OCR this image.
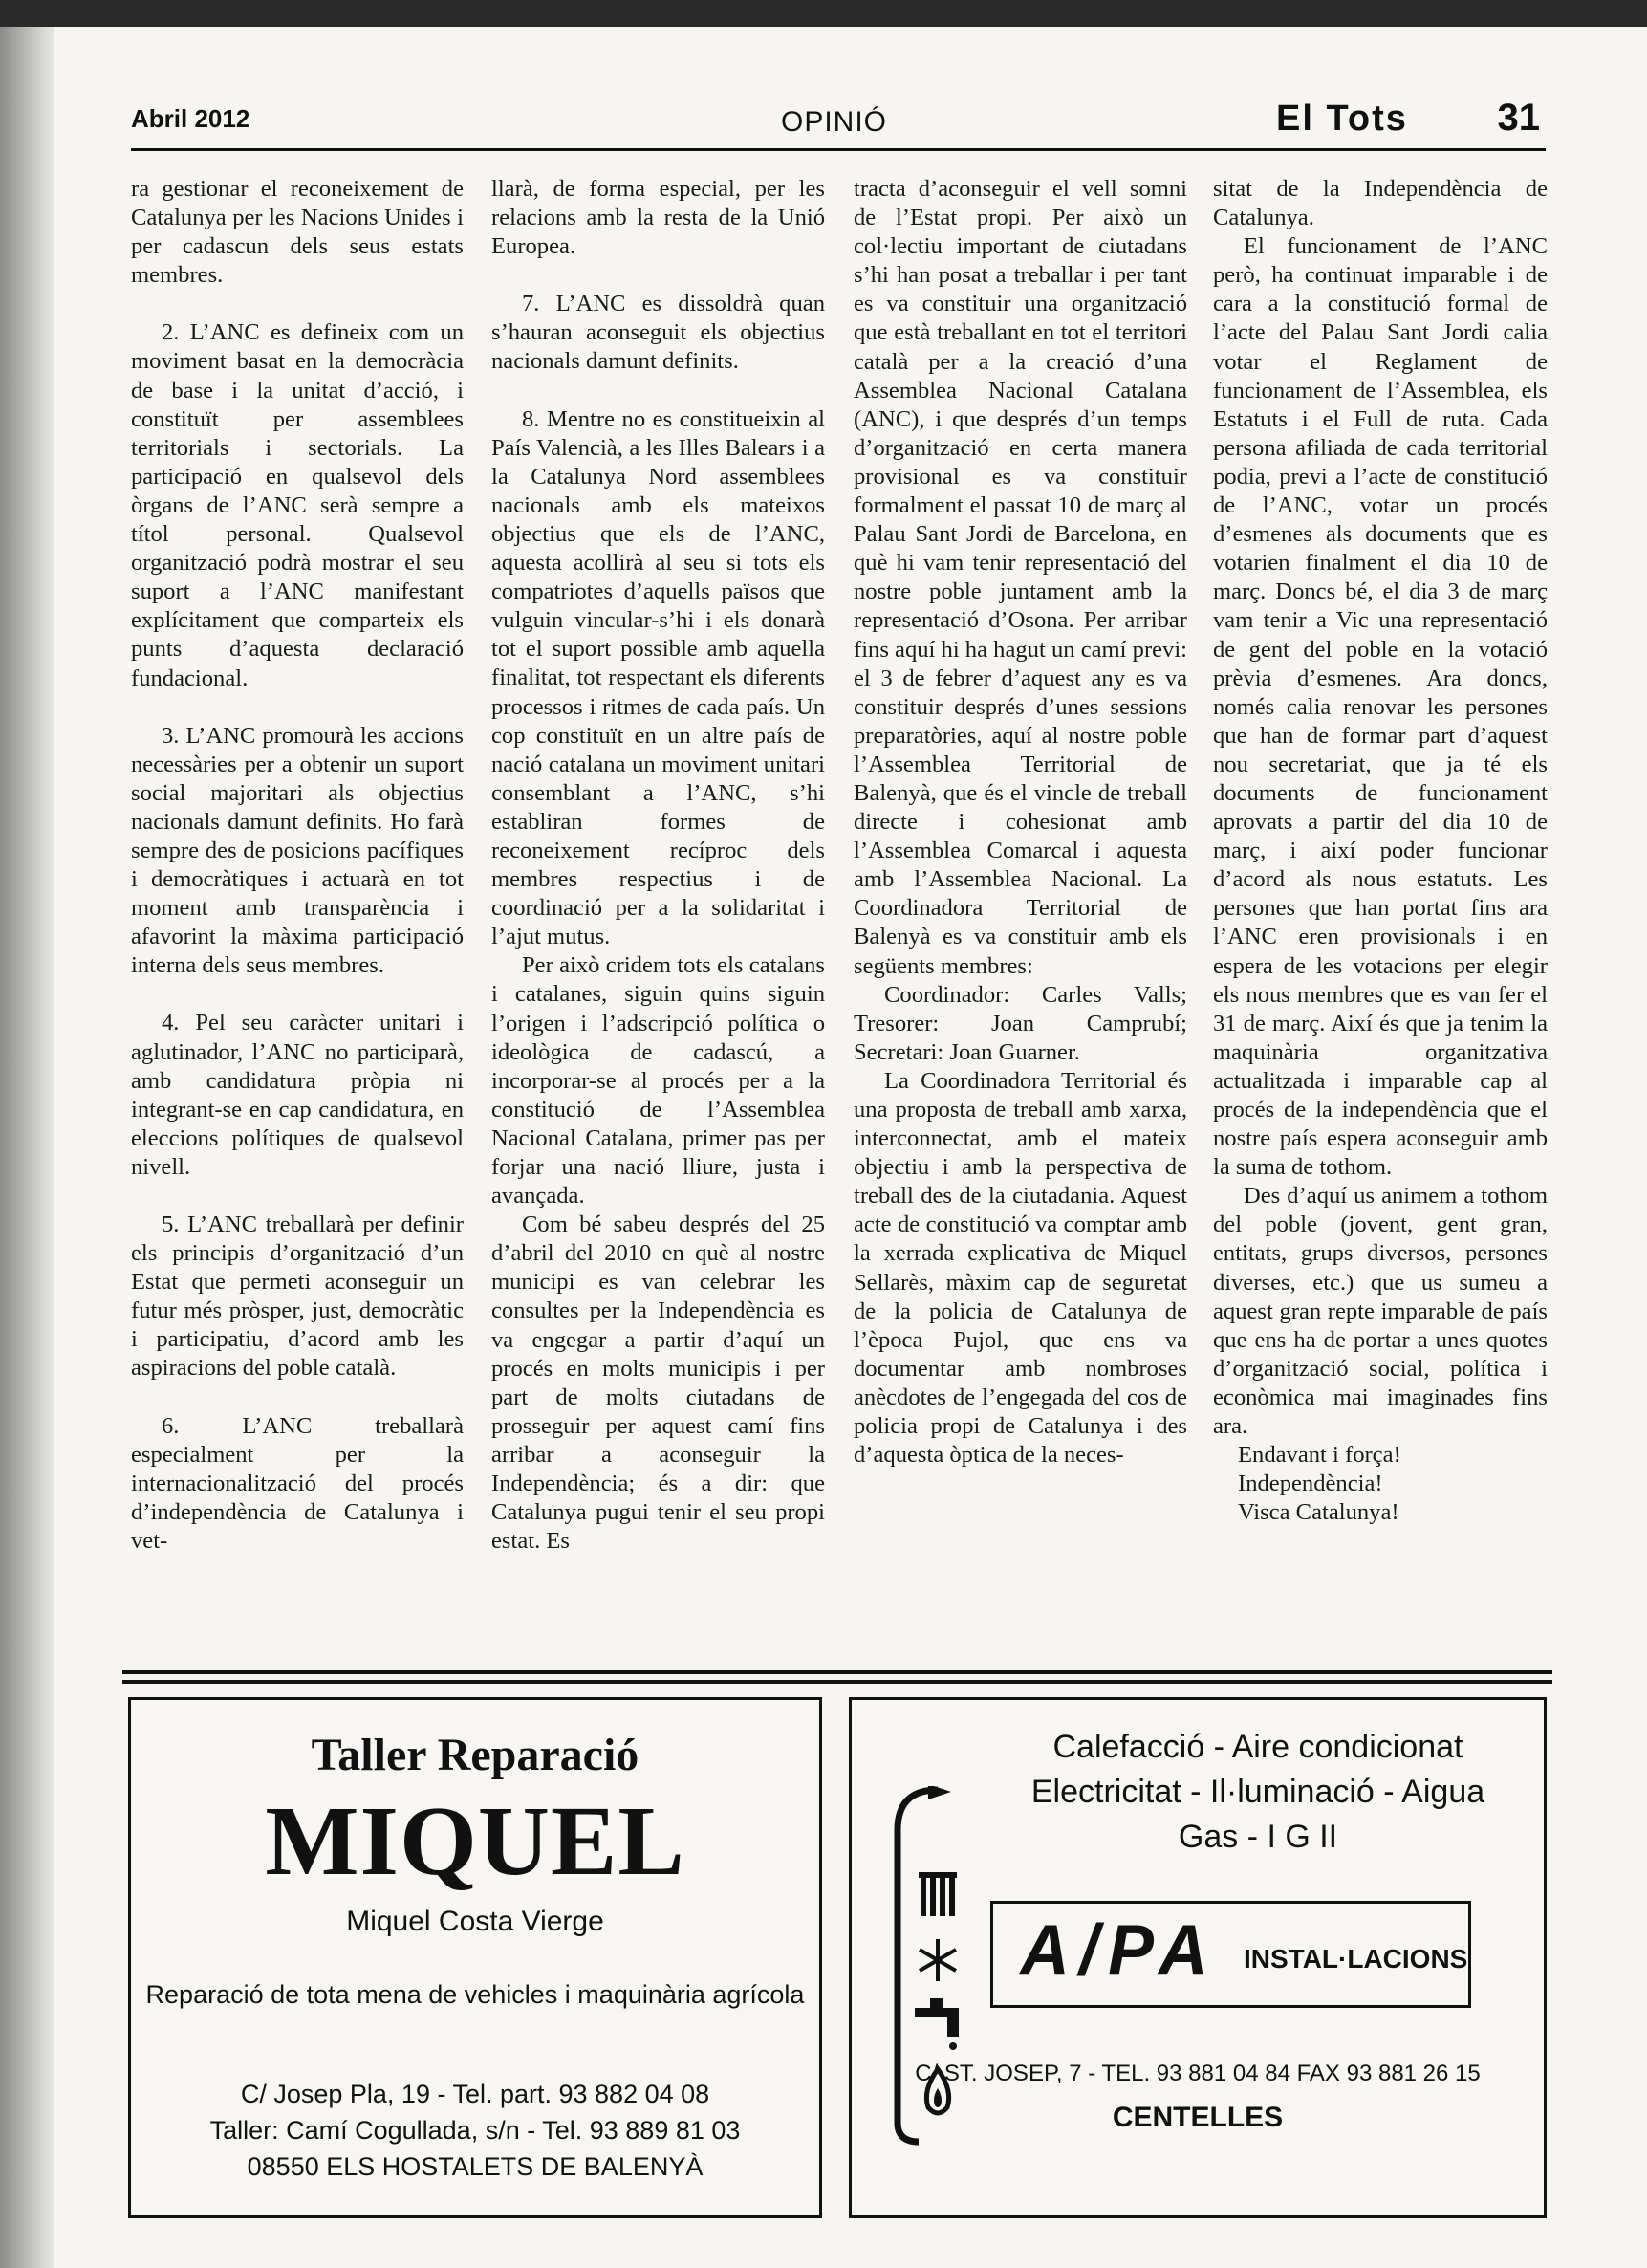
Abril 2012	OPINIÓ	El Tots 31

ra gestionar el reconeixement de Catalunya per les Nacions Unides i per cadascun dels seus estats membres.

2. L’ANC es defineix com un moviment basat en la democràcia de base i la unitat d’acció, i constituït per assemblees territorials i sectorials. La participació en qualsevol dels òrgans de l’ANC serà sempre a títol personal. Qualsevol organització podrà mostrar el seu suport a l’ANC manifestant explícitament que comparteix els punts d’aquesta declaració fundacional.

3. L’ANC promourà les accions necessàries per a obtenir un suport social majoritari als objectius nacionals damunt definits. Ho farà sempre des de posicions pacífiques i democràtiques i actuarà en tot moment amb transparència i afavorint la màxima participació interna dels seus membres.

4. Pel seu caràcter unitari i aglutinador, l’ANC no participarà, amb candidatura pròpia ni integrant-se en cap candidatura, en eleccions polítiques de qualsevol nivell.

5. L’ANC treballarà per definir els principis d’organització d’un Estat que permeti aconseguir un futur més pròsper, just, democràtic i participatiu, d’acord amb les aspiracions del poble català.

6. L’ANC treballarà especialment per la internacionalització del procés d’independència de Catalunya i vet-

llarà, de forma especial, per les relacions amb la resta de la Unió Europea.

7. L’ANC es dissoldrà quan s’hauran aconseguit els objectius nacionals damunt definits.

8. Mentre no es constitueixin al País Valencià, a les Illes Balears i a la Catalunya Nord assemblees nacionals amb els mateixos objectius que els de l’ANC, aquesta acollirà al seu si tots els compatriotes d’aquells països que vulguin vincular-s’hi i els donarà tot el suport possible amb aquella finalitat, tot respectant els diferents processos i ritmes de cada país. Un cop constituït en un altre país de nació catalana un moviment unitari consemblant a l’ANC, s’hi establiran formes de reconeixement recíproc dels membres respectius i de coordinació per a la solidaritat i l’ajut mutus.

Per això cridem tots els catalans i catalanes, siguin quins siguin l’origen i l’adscripció política o ideològica de cadascú, a incorporar-se al procés per a la constitució de l’Assemblea Nacional Catalana, primer pas per forjar una nació lliure, justa i avançada.

Com bé sabeu després del 25 d’abril del 2010 en què al nostre municipi es van celebrar les consultes per la Independència es va engegar a partir d’aquí un procés en molts municipis i per part de molts ciutadans de prosseguir per aquest camí fins arribar a aconseguir la Independència; és a dir: que Catalunya pugui tenir el seu propi estat. Es

tracta d’aconseguir el vell somni de l’Estat propi. Per això un col·lectiu important de ciutadans s’hi han posat a treballar i per tant es va constituir una organització que està treballant en tot el territori català per a la creació d’una Assemblea Nacional Catalana (ANC), i que després d’un temps d’organització en certa manera provisional es va constituir formalment el passat 10 de març al Palau Sant Jordi de Barcelona, en què hi vam tenir representació del nostre poble juntament amb la representació d’Osona. Per arribar fins aquí hi ha hagut un camí previ: el 3 de febrer d’aquest any es va constituir després d’unes sessions preparatòries, aquí al nostre poble l’Assemblea Territorial de Balenyà, que és el vincle de treball directe i cohesionat amb l’Assemblea Comarcal i aquesta amb l’Assemblea Nacional. La Coordinadora Territorial de Balenyà es va constituir amb els següents membres:

Coordinador: Carles Valls; Tresorer: Joan Camprubí; Secretari: Joan Guarner.

La Coordinadora Territorial és una proposta de treball amb xarxa, interconnectat, amb el mateix objectiu i amb la perspectiva de treball des de la ciutadania. Aquest acte de constitució va comptar amb la xerrada explicativa de Miquel Sellarès, màxim cap de seguretat de la policia de Catalunya de l’època Pujol, que ens va documentar amb nombroses anècdotes de l’engegada del cos de policia propi de Catalunya i des d’aquesta òptica de la neces-

sitat de la Independència de Catalunya.

El funcionament de l’ANC però, ha continuat imparable i de cara a la constitució formal de l’acte del Palau Sant Jordi calia votar el Reglament de funcionament de l’Assemblea, els Estatuts i el Full de ruta. Cada persona afiliada de cada territorial podia, previ a l’acte de constitució de l’ANC, votar un procés d’esmenes als documents que es votarien finalment el dia 10 de març. Doncs bé, el dia 3 de març vam tenir a Vic una representació de gent del poble en la votació prèvia d’esmenes. Ara doncs, només calia renovar les persones que han de formar part d’aquest nou secretariat, que ja té els documents de funcionament aprovats a partir del dia 10 de març, i així poder funcionar d’acord als nous estatuts. Les persones que han portat fins ara l’ANC eren provisionals i en espera de les votacions per elegir els nous membres que es van fer el 31 de març. Així és que ja tenim la maquinària organitzativa actualitzada i imparable cap al procés de la independència que el nostre país espera aconseguir amb la suma de tothom.

Des d’aquí us animem a tothom del poble (jovent, gent gran, entitats, grups diversos, persones diverses, etc.) que us sumeu a aquest gran repte imparable de país que ens ha de portar a unes quotes d’organització social, política i econòmica mai imaginades fins ara.

Endavant i força!

Independència!

Visca Catalunya!

Taller Reparació
MIQUEL
Miquel Costa Vierge
Reparació de tota mena de vehicles i maquinària agrícola
C/ Josep Pla, 19 - Tel. part. 93 882 04 08
Taller: Camí Cogullada, s/n - Tel. 93 889 81 03
08550 ELS HOSTALETS DE BALENYÀ
Calefacció - Aire condicionat
Electricitat - Il·luminació - Aigua
Gas - I G II
A/PA INSTAL·LACIONS
C/ ST. JOSEP, 7 - TEL. 93 881 04 84 FAX 93 881 26 15
CENTELLES
